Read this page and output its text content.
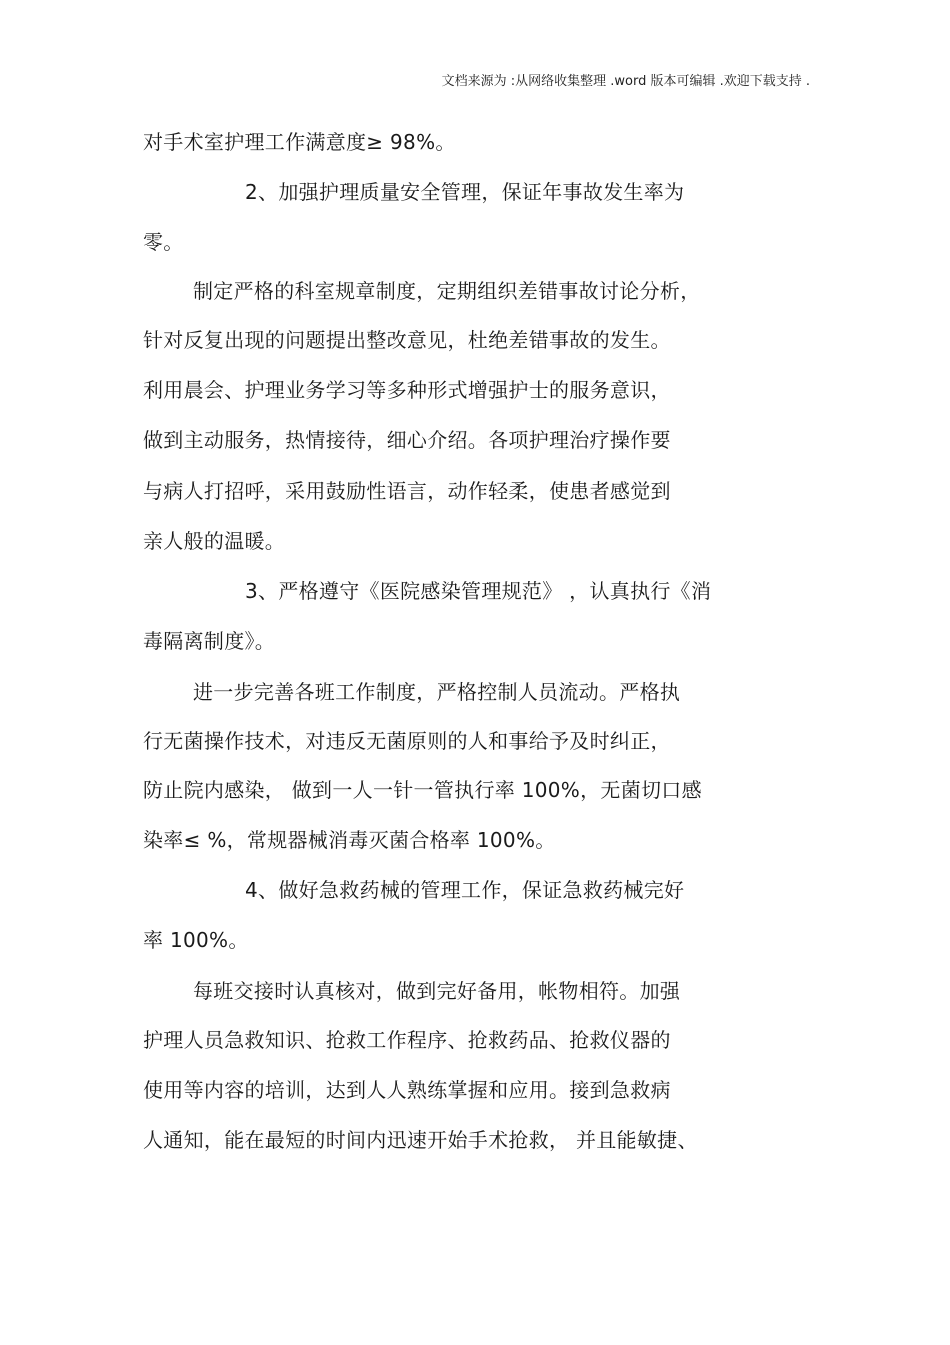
文档来源为 :从网络收集整理 .word 版本可编辑 .欢迎下载支持 .
对手术室护理工作满意度≥ 98%。
2、加强护理质量安全管理，保证年事故发生率为
零。
制定严格的科室规章制度，定期组织差错事故讨论分析，
针对反复出现的问题提出整改意见，杜绝差错事故的发生。
利用晨会、护理业务学习等多种形式增强护士的服务意识，
做到主动服务，热情接待，细心介绍。各项护理治疗操作要
与病人打招呼，采用鼓励性语言，动作轻柔，使患者感觉到
亲人般的温暖。
3、严格遵守《医院感染管理规范》 ，认真执行《消
毒隔离制度》。
进一步完善各班工作制度，严格控制人员流动。严格执
行无菌操作技术，对违反无菌原则的人和事给予及时纠正，
防止院内感染， 做到一人一针一管执行率 100%，无菌切口感
染率≤ %，常规器械消毒灭菌合格率 100%。
4、做好急救药械的管理工作，保证急救药械完好
率 100%。
每班交接时认真核对，做到完好备用，帐物相符。加强
护理人员急救知识、抢救工作程序、抢救药品、抢救仪器的
使用等内容的培训，达到人人熟练掌握和应用。接到急救病
人通知，能在最短的时间内迅速开始手术抢救， 并且能敏捷、
